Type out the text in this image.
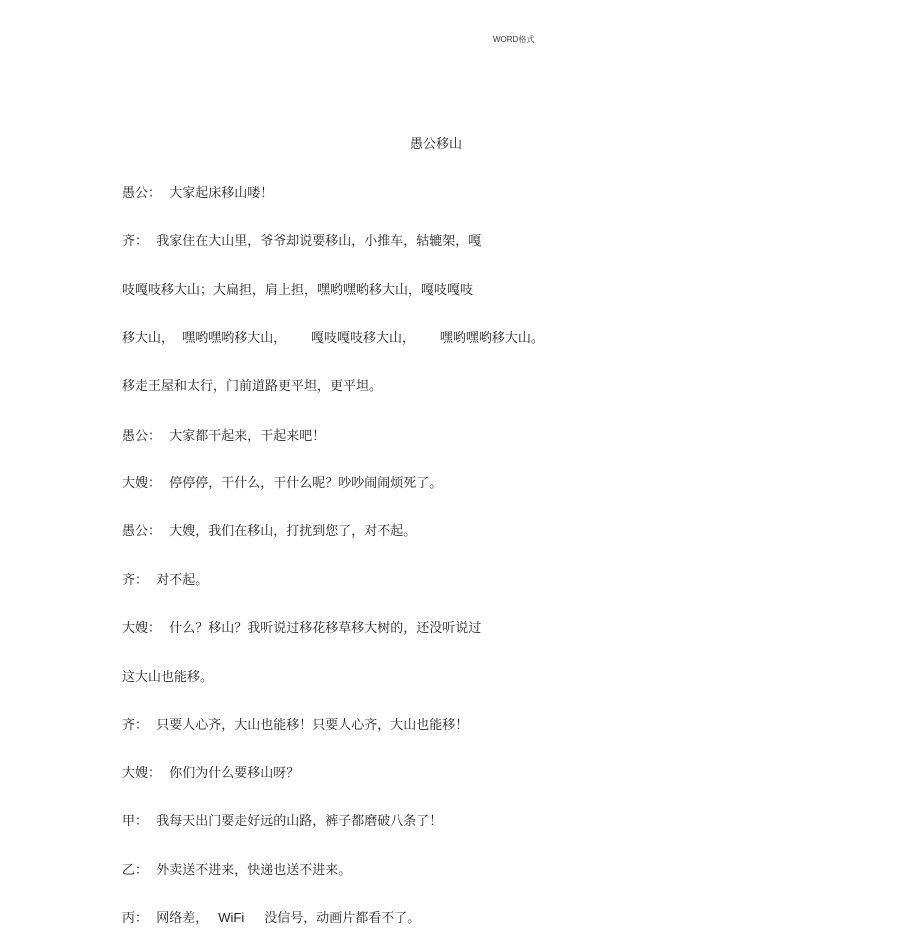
WORD格式
愚公移山
愚公：  大家起床移山喽！
齐：  我家住在大山里，爷爷却说要移山，小推车，轱辘架，嘎
吱嘎吱移大山；大扁担，肩上担，嘿哟嘿哟移大山，嘎吱嘎吱
移大山，  嘿哟嘿哟移大山，      嘎吱嘎吱移大山，      嘿哟嘿哟移大山。
移走王屋和太行，门前道路更平坦，更平坦。
愚公：  大家都干起来，干起来吧！
大嫂：  停停停，干什么，干什么呢？吵吵闹闹烦死了。
愚公：  大嫂，我们在移山，打扰到您了，对不起。
齐：  对不起。
大嫂：  什么？移山？我听说过移花移草移大树的，还没听说过
这大山也能移。
齐：  只要人心齐，大山也能移！只要人心齐，大山也能移！
大嫂：  你们为什么要移山呀？
甲：  我每天出门要走好远的山路，裤子都磨破八条了！
乙：  外卖送不进来，快递也送不进来。
丙：  网络差， WiFi 没信号，动画片都看不了。
